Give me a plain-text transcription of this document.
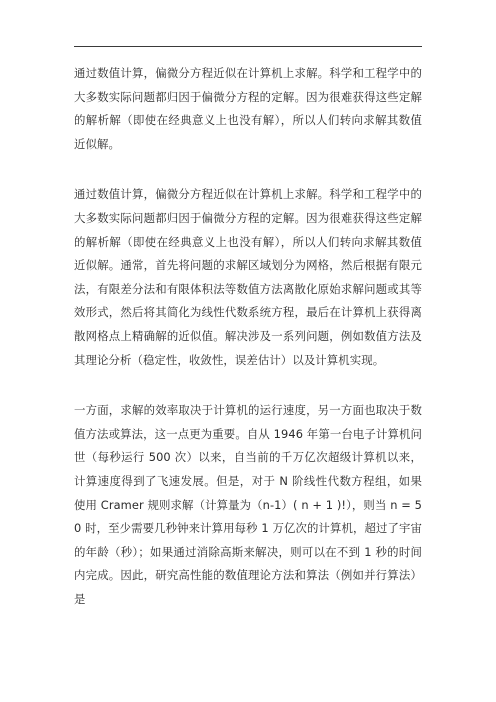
通过数值计算，偏微分方程近似在计算机上求解。科学和工程学中的大多数实际问题都归因于偏微分方程的定解。因为很难获得这些定解的解析解（即使在经典意义上也没有解），所以人们转向求解其数值近似解。

通过数值计算，偏微分方程近似在计算机上求解。科学和工程学中的大多数实际问题都归因于偏微分方程的定解。因为很难获得这些定解的解析解（即使在经典意义上也没有解），所以人们转向求解其数值近似解。通常，首先将问题的求解区域划分为网格，然后根据有限元法，有限差分法和有限体积法等数值方法离散化原始求解问题或其等效形式，然后将其简化为线性代数系统方程，最后在计算机上获得离散网格点上精确解的近似值。解决涉及一系列问题，例如数值方法及其理论分析（稳定性，收敛性，误差估计）以及计算机实现。

一方面，求解的效率取决于计算机的运行速度，另一方面也取决于数值方法或算法，这一点更为重要。自从 1946 年第一台电子计算机问世（每秒运行 500 次）以来，自当前的千万亿次超级计算机以来，计算速度得到了飞速发展。但是，对于 N 阶线性代数方程组，如果使用 Cramer 规则求解（计算量为（n-1）( n + 1 )!），则当 n = 50 时，至少需要几秒钟来计算用每秒 1 万亿次的计算机，超过了宇宙的年龄（秒）；如果通过消除高斯来解决，则可以在不到 1 秒的时间内完成。因此，研究高性能的数值理论方法和算法（例如并行算法）是
